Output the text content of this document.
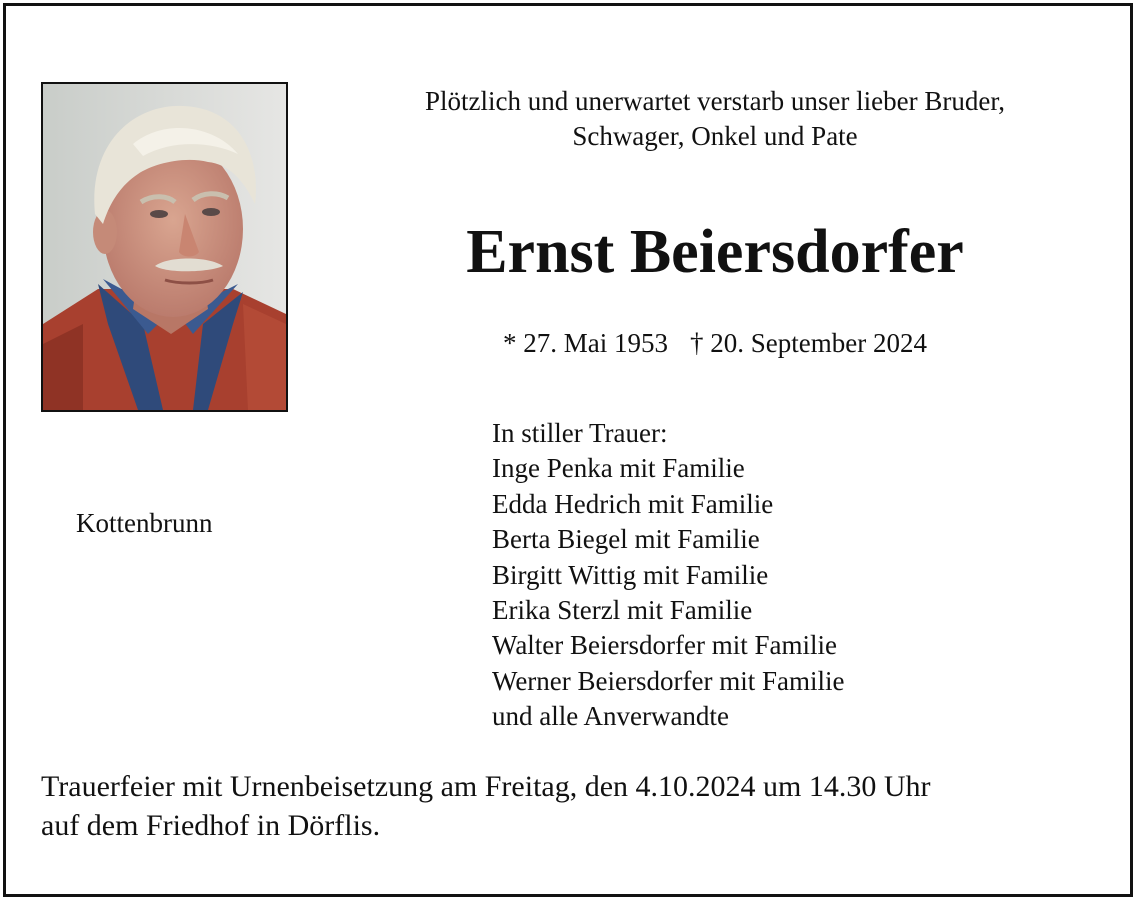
Plötzlich und unerwartet verstarb unser lieber Bruder,
Schwager, Onkel und Pate
Ernst Beiersdorfer
* 27. Mai 1953 † 20. September 2024
Kottenbrunn
In stiller Trauer:
Inge Penka mit Familie
Edda Hedrich mit Familie
Berta Biegel mit Familie
Birgitt Wittig mit Familie
Erika Sterzl mit Familie
Walter Beiersdorfer mit Familie
Werner Beiersdorfer mit Familie
und alle Anverwandte
Trauerfeier mit Urnenbeisetzung am Freitag, den 4.10.2024 um 14.30 Uhr
auf dem Friedhof in Dörflis.
